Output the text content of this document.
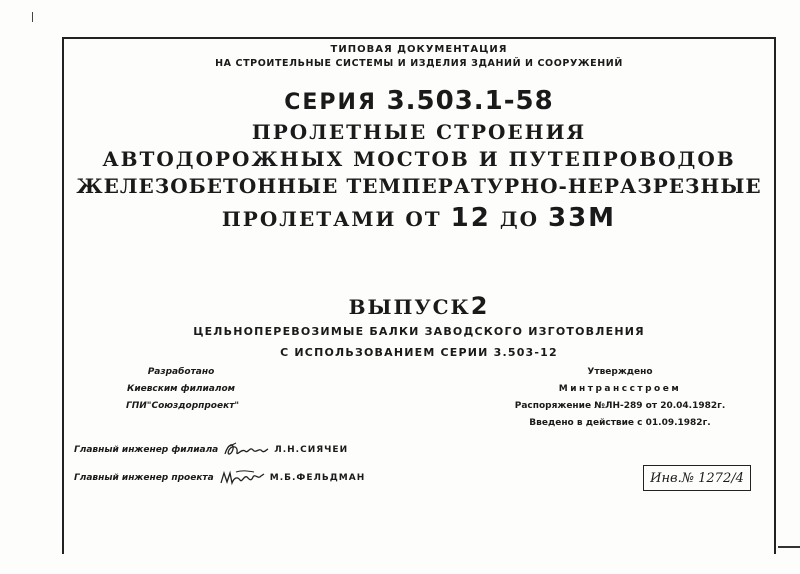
ТИПОВАЯ ДОКУМЕНТАЦИЯ
НА СТРОИТЕЛЬНЫЕ СИСТЕМЫ И ИЗДЕЛИЯ ЗДАНИЙ И СООРУЖЕНИЙ
СЕРИЯ 3.503.1-58
ПРОЛЕТНЫЕ СТРОЕНИЯ
АВТОДОРОЖНЫХ МОСТОВ И ПУТЕПРОВОДОВ
ЖЕЛЕЗОБЕТОННЫЕ ТЕМПЕРАТУРНО-НЕРАЗРЕЗНЫЕ
ПРОЛЕТАМИ ОТ 12 ДО 33М
ВЫПУСК2
ЦЕЛЬНОПЕРЕВОЗИМЫЕ БАЛКИ ЗАВОДСКОГО ИЗГОТОВЛЕНИЯ
С ИСПОЛЬЗОВАНИЕМ СЕРИИ 3.503-12
Разработано
Киевским филиалом
ГПИ"Союздорпроект"
Утверждено
Минтрансстроем
Распоряжение №ЛН-289 от 20.04.1982г.
Введено в действие с 01.09.1982г.
Главный инженер филиала	Л.Н.СИЯЧЕИ
Главный инженер проекта	М.Б.ФЕЛЬДМАН	Инв.№ 1272/4
